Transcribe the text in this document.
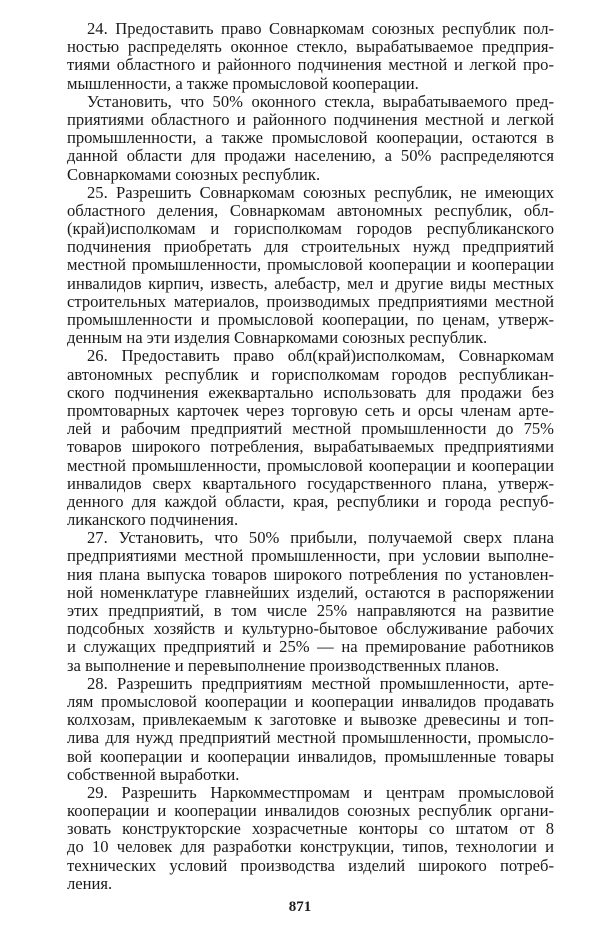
24. Предоставить право Совнаркомам союзных республик пол-
ностью распределять оконное стекло, вырабатываемое предприя-
тиями областного и районного подчинения местной и легкой про-
мышленности, а также промысловой кооперации.
Установить, что 50% оконного стекла, вырабатываемого пред-
приятиями областного и районного подчинения местной и легкой
промышленности, а также промысловой кооперации, остаются в
данной области для продажи населению, а 50% распределяются
Совнаркомами союзных республик.
25. Разрешить Совнаркомам союзных республик, не имеющих
областного деления, Совнаркомам автономных республик, обл-
(край)исполкомам и горисполкомам городов республиканского
подчинения приобретать для строительных нужд предприятий
местной промышленности, промысловой кооперации и кооперации
инвалидов кирпич, известь, алебастр, мел и другие виды местных
строительных материалов, производимых предприятиями местной
промышленности и промысловой кооперации, по ценам, утверж-
денным на эти изделия Совнаркомами союзных республик.
26. Предоставить право обл(край)исполкомам, Совнаркомам
автономных республик и горисполкомам городов республикан-
ского подчинения ежеквартально использовать для продажи без
промтоварных карточек через торговую сеть и орсы членам арте-
лей и рабочим предприятий местной промышленности до 75%
товаров широкого потребления, вырабатываемых предприятиями
местной промышленности, промысловой кооперации и кооперации
инвалидов сверх квартального государственного плана, утверж-
денного для каждой области, края, республики и города респуб-
ликанского подчинения.
27. Установить, что 50% прибыли, получаемой сверх плана
предприятиями местной промышленности, при условии выполне-
ния плана выпуска товаров широкого потребления по установлен-
ной номенклатуре главнейших изделий, остаются в распоряжении
этих предприятий, в том числе 25% направляются на развитие
подсобных хозяйств и культурно-бытовое обслуживание рабочих
и служащих предприятий и 25% — на премирование работников
за выполнение и перевыполнение производственных планов.
28. Разрешить предприятиям местной промышленности, арте-
лям промысловой кооперации и кооперации инвалидов продавать
колхозам, привлекаемым к заготовке и вывозке древесины и топ-
лива для нужд предприятий местной промышленности, промысло-
вой кооперации и кооперации инвалидов, промышленные товары
собственной выработки.
29. Разрешить Наркомместпромам и центрам промысловой
кооперации и кооперации инвалидов союзных республик органи-
зовать конструкторские хозрасчетные конторы со штатом от 8
до 10 человек для разработки конструкции, типов, технологии и
технических условий производства изделий широкого потреб-
ления.
871
